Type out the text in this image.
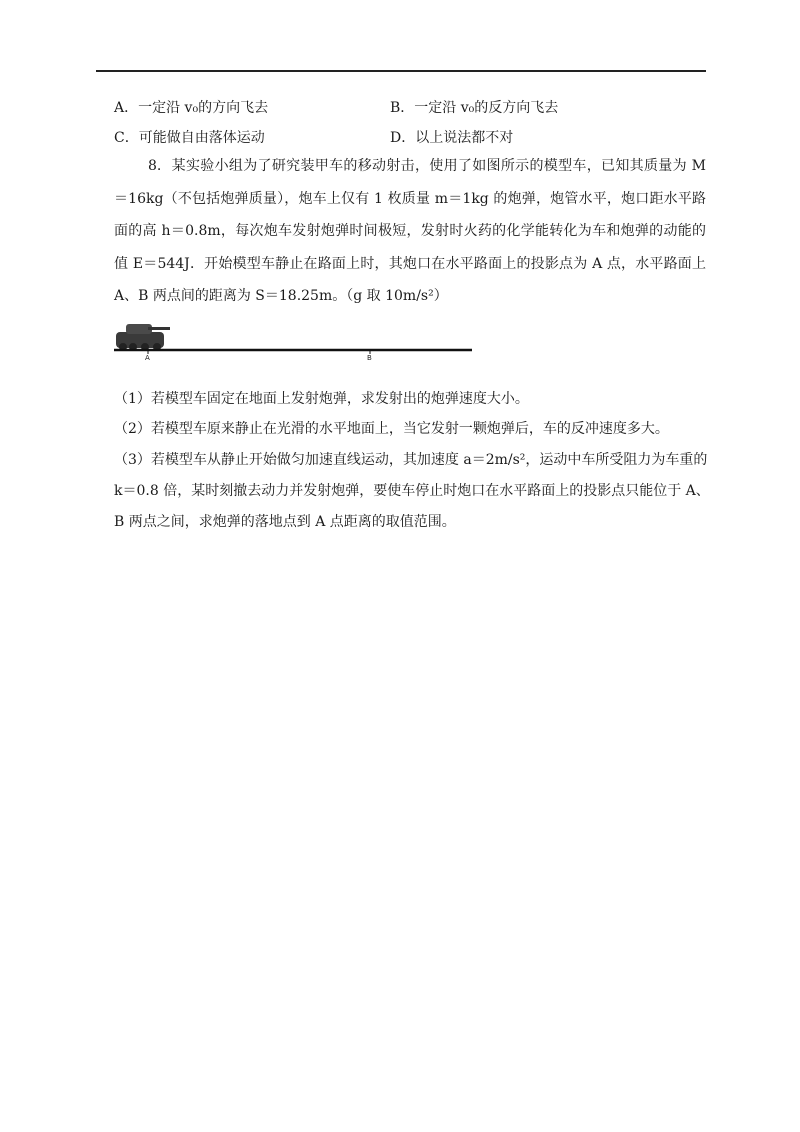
A．一定沿 v₀的方向飞去	B．一定沿 v₀的反方向飞去
C．可能做自由落体运动	D．以上说法都不对
8. 某实验小组为了研究装甲车的移动射击，使用了如图所示的模型车，已知其质量为 M＝16kg（不包括炮弹质量），炮车上仅有 1 枚质量 m＝1kg 的炮弹，炮管水平，炮口距水平路面的高 h＝0.8m，每次炮车发射炮弹时间极短，发射时火药的化学能转化为车和炮弹的动能的值 E＝544J．开始模型车静止在路面上时，其炮口在水平路面上的投影点为 A 点，水平路面上 A、B 两点间的距离为 S＝18.25m。（g 取 10m/s²）
A	B
（1）若模型车固定在地面上发射炮弹，求发射出的炮弹速度大小。
（2）若模型车原来静止在光滑的水平地面上，当它发射一颗炮弹后，车的反冲速度多大。
（3）若模型车从静止开始做匀加速直线运动，其加速度 a＝2m/s²，运动中车所受阻力为车重的
k＝0.8 倍，某时刻撤去动力并发射炮弹，要使车停止时炮口在水平路面上的投影点只能位于 A、
B 两点之间，求炮弹的落地点到 A 点距离的取值范围。
